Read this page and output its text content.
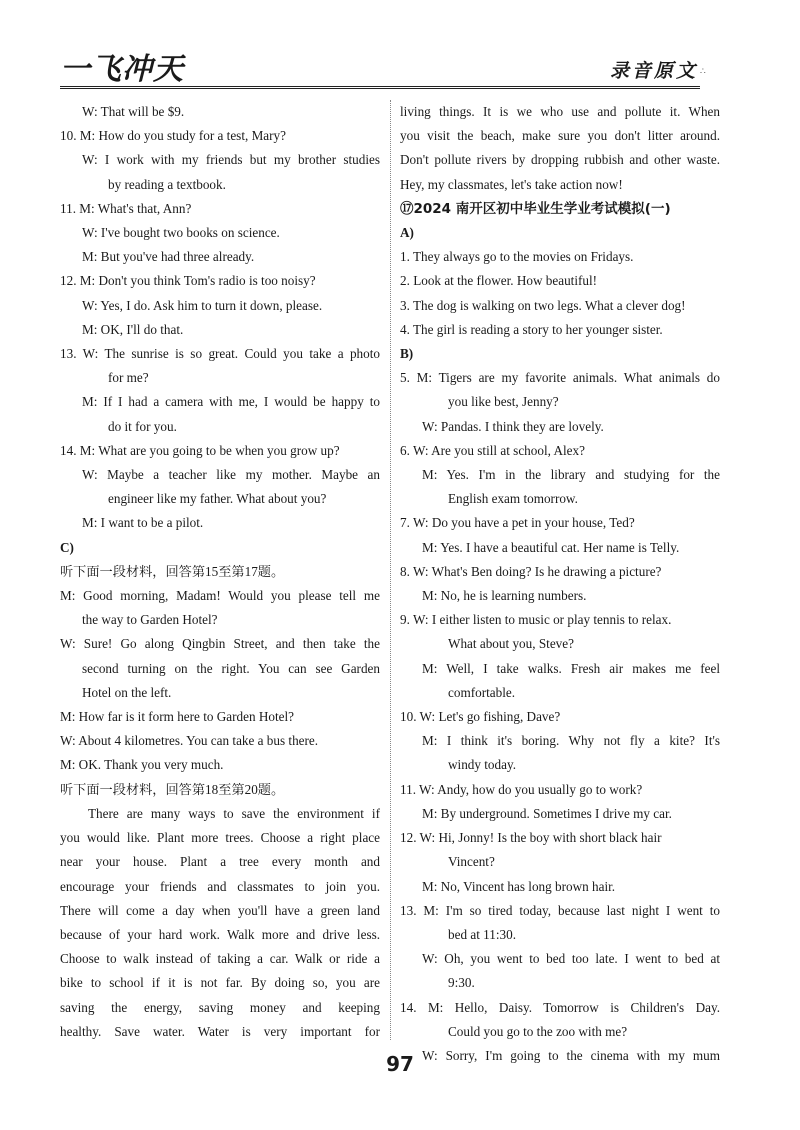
一飞冲天	录音原文 ∴
W: That will be $9.
10. M: How do you study for a test, Mary?
W: I work with my friends but my brother studies
by reading a textbook.
11. M: What's that, Ann?
W: I've bought two books on science.
M: But you've had three already.
12. M: Don't you think Tom's radio is too noisy?
W: Yes, I do. Ask him to turn it down, please.
M: OK, I'll do that.
13. W: The sunrise is so great. Could you take a photo
for me?
M: If I had a camera with me, I would be happy to
do it for you.
14. M: What are you going to be when you grow up?
W: Maybe a teacher like my mother. Maybe an
engineer like my father. What about you?
M: I want to be a pilot.
C)
听下面一段材料，回答第15至第17题。
M: Good morning, Madam! Would you please tell me
the way to Garden Hotel?
W: Sure! Go along Qingbin Street, and then take the
second turning on the right. You can see Garden
Hotel on the left.
M: How far is it form here to Garden Hotel?
W: About 4 kilometres. You can take a bus there.
M: OK. Thank you very much.
听下面一段材料，回答第18至第20题。
There are many ways to save the environment if
you would like. Plant more trees. Choose a right place
near your house. Plant a tree every month and
encourage your friends and classmates to join you.
There will come a day when you'll have a green land
because of your hard work. Walk more and drive less.
Choose to walk instead of taking a car. Walk or ride a
bike to school if it is not far. By doing so, you are
saving the energy, saving money and keeping
healthy. Save water. Water is very important for
living things. It is we who use and pollute it. When
you visit the beach, make sure you don't litter around.
Don't pollute rivers by dropping rubbish and other waste.
Hey, my classmates, let's take action now!
⑰2024 南开区初中毕业生学业考试模拟(一)
A)
1. They always go to the movies on Fridays.
2. Look at the flower. How beautiful!
3. The dog is walking on two legs. What a clever dog!
4. The girl is reading a story to her younger sister.
B)
5. M: Tigers are my favorite animals. What animals do
you like best, Jenny?
W: Pandas. I think they are lovely.
6. W: Are you still at school, Alex?
M: Yes. I'm in the library and studying for the
English exam tomorrow.
7. W: Do you have a pet in your house, Ted?
M: Yes. I have a beautiful cat. Her name is Telly.
8. W: What's Ben doing? Is he drawing a picture?
M: No, he is learning numbers.
9. W: I either listen to music or play tennis to relax.
What about you, Steve?
M: Well, I take walks. Fresh air makes me feel
comfortable.
10. W: Let's go fishing, Dave?
M: I think it's boring. Why not fly a kite? It's
windy today.
11. W: Andy, how do you usually go to work?
M: By underground. Sometimes I drive my car.
12. W: Hi, Jonny! Is the boy with short black hair
Vincent?
M: No, Vincent has long brown hair.
13. M: I'm so tired today, because last night I went to
bed at 11:30.
W: Oh, you went to bed too late. I went to bed at
9:30.
14. M: Hello, Daisy. Tomorrow is Children's Day.
Could you go to the zoo with me?
W: Sorry, I'm going to the cinema with my mum
97
